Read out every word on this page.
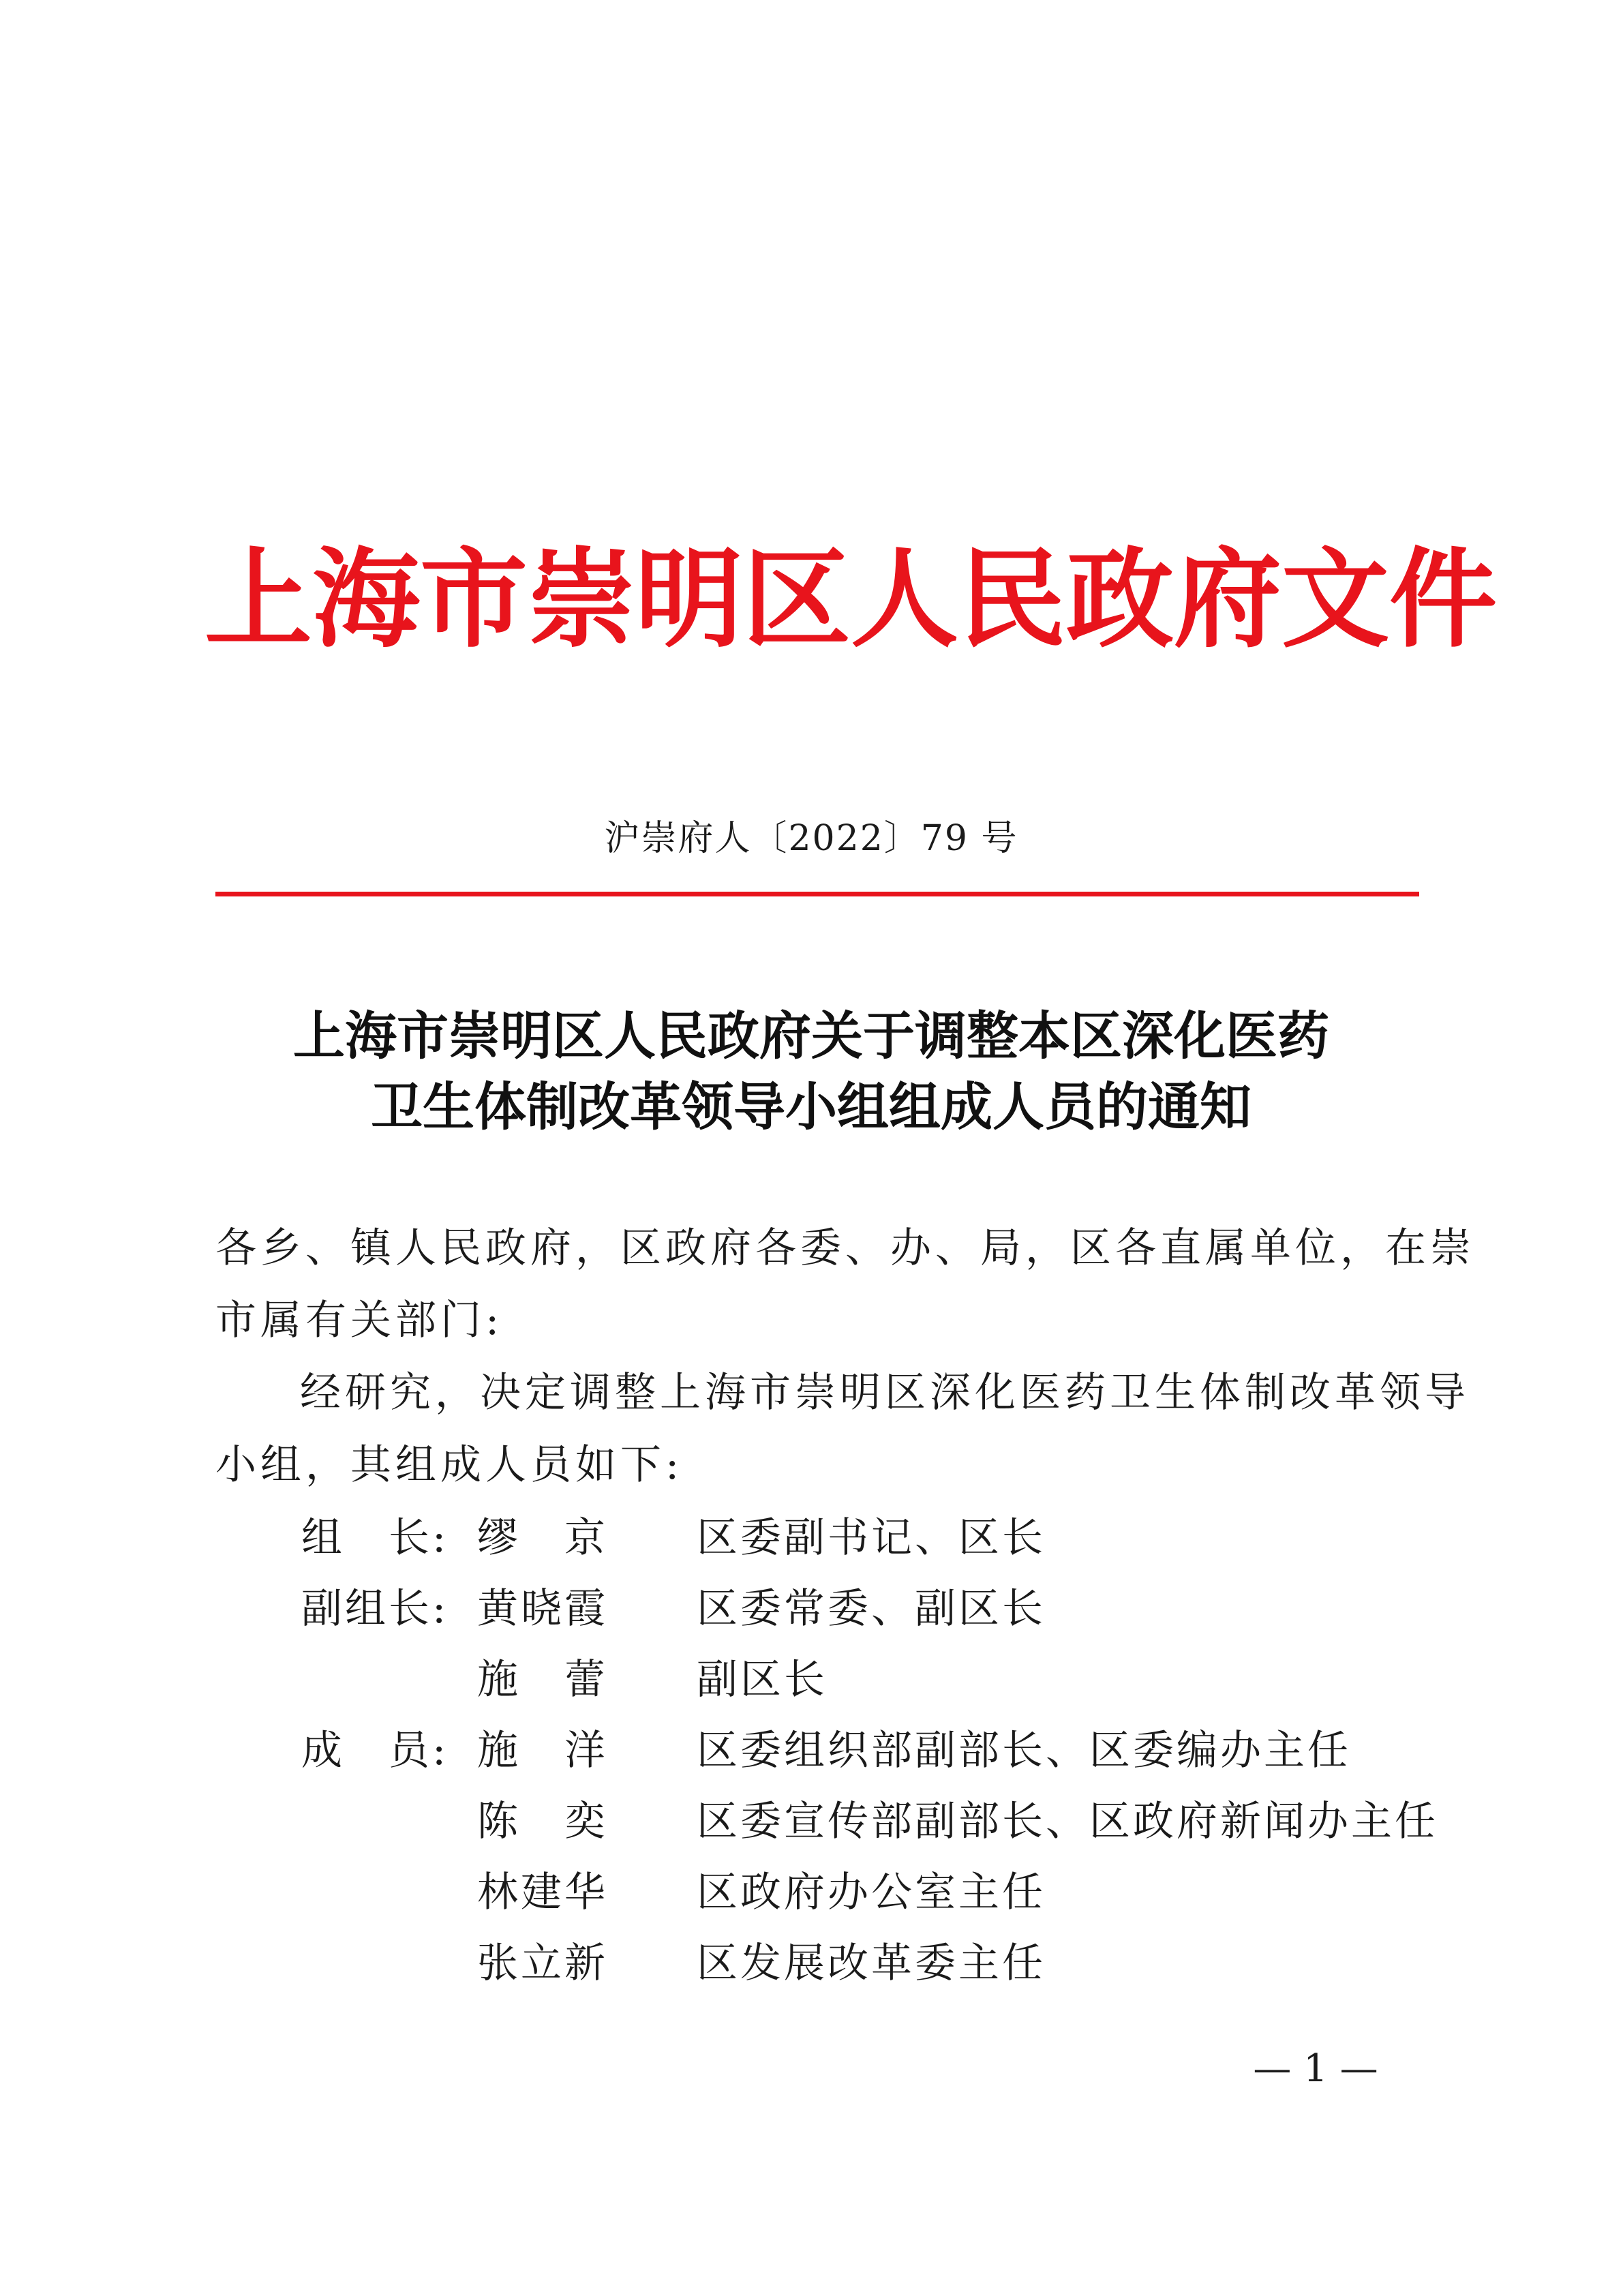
上海市崇明区人民政府文件
沪崇府人〔2022〕79 号
上海市崇明区人民政府关于调整本区深化医药
卫生体制改革领导小组组成人员的通知
各乡、镇人民政府，区政府各委、办、局，区各直属单位，在崇
市属有关部门:
经研究，决定调整上海市崇明区深化医药卫生体制改革领导
小组，其组成人员如下:
组　长: 缪　京	区委副书记、区长
副组长: 黄晓霞	区委常委、副区长
施　蕾	副区长
成　员: 施　洋	区委组织部副部长、区委编办主任
陈　奕	区委宣传部副部长、区政府新闻办主任
林建华	区政府办公室主任
张立新	区发展改革委主任
— 1 —
